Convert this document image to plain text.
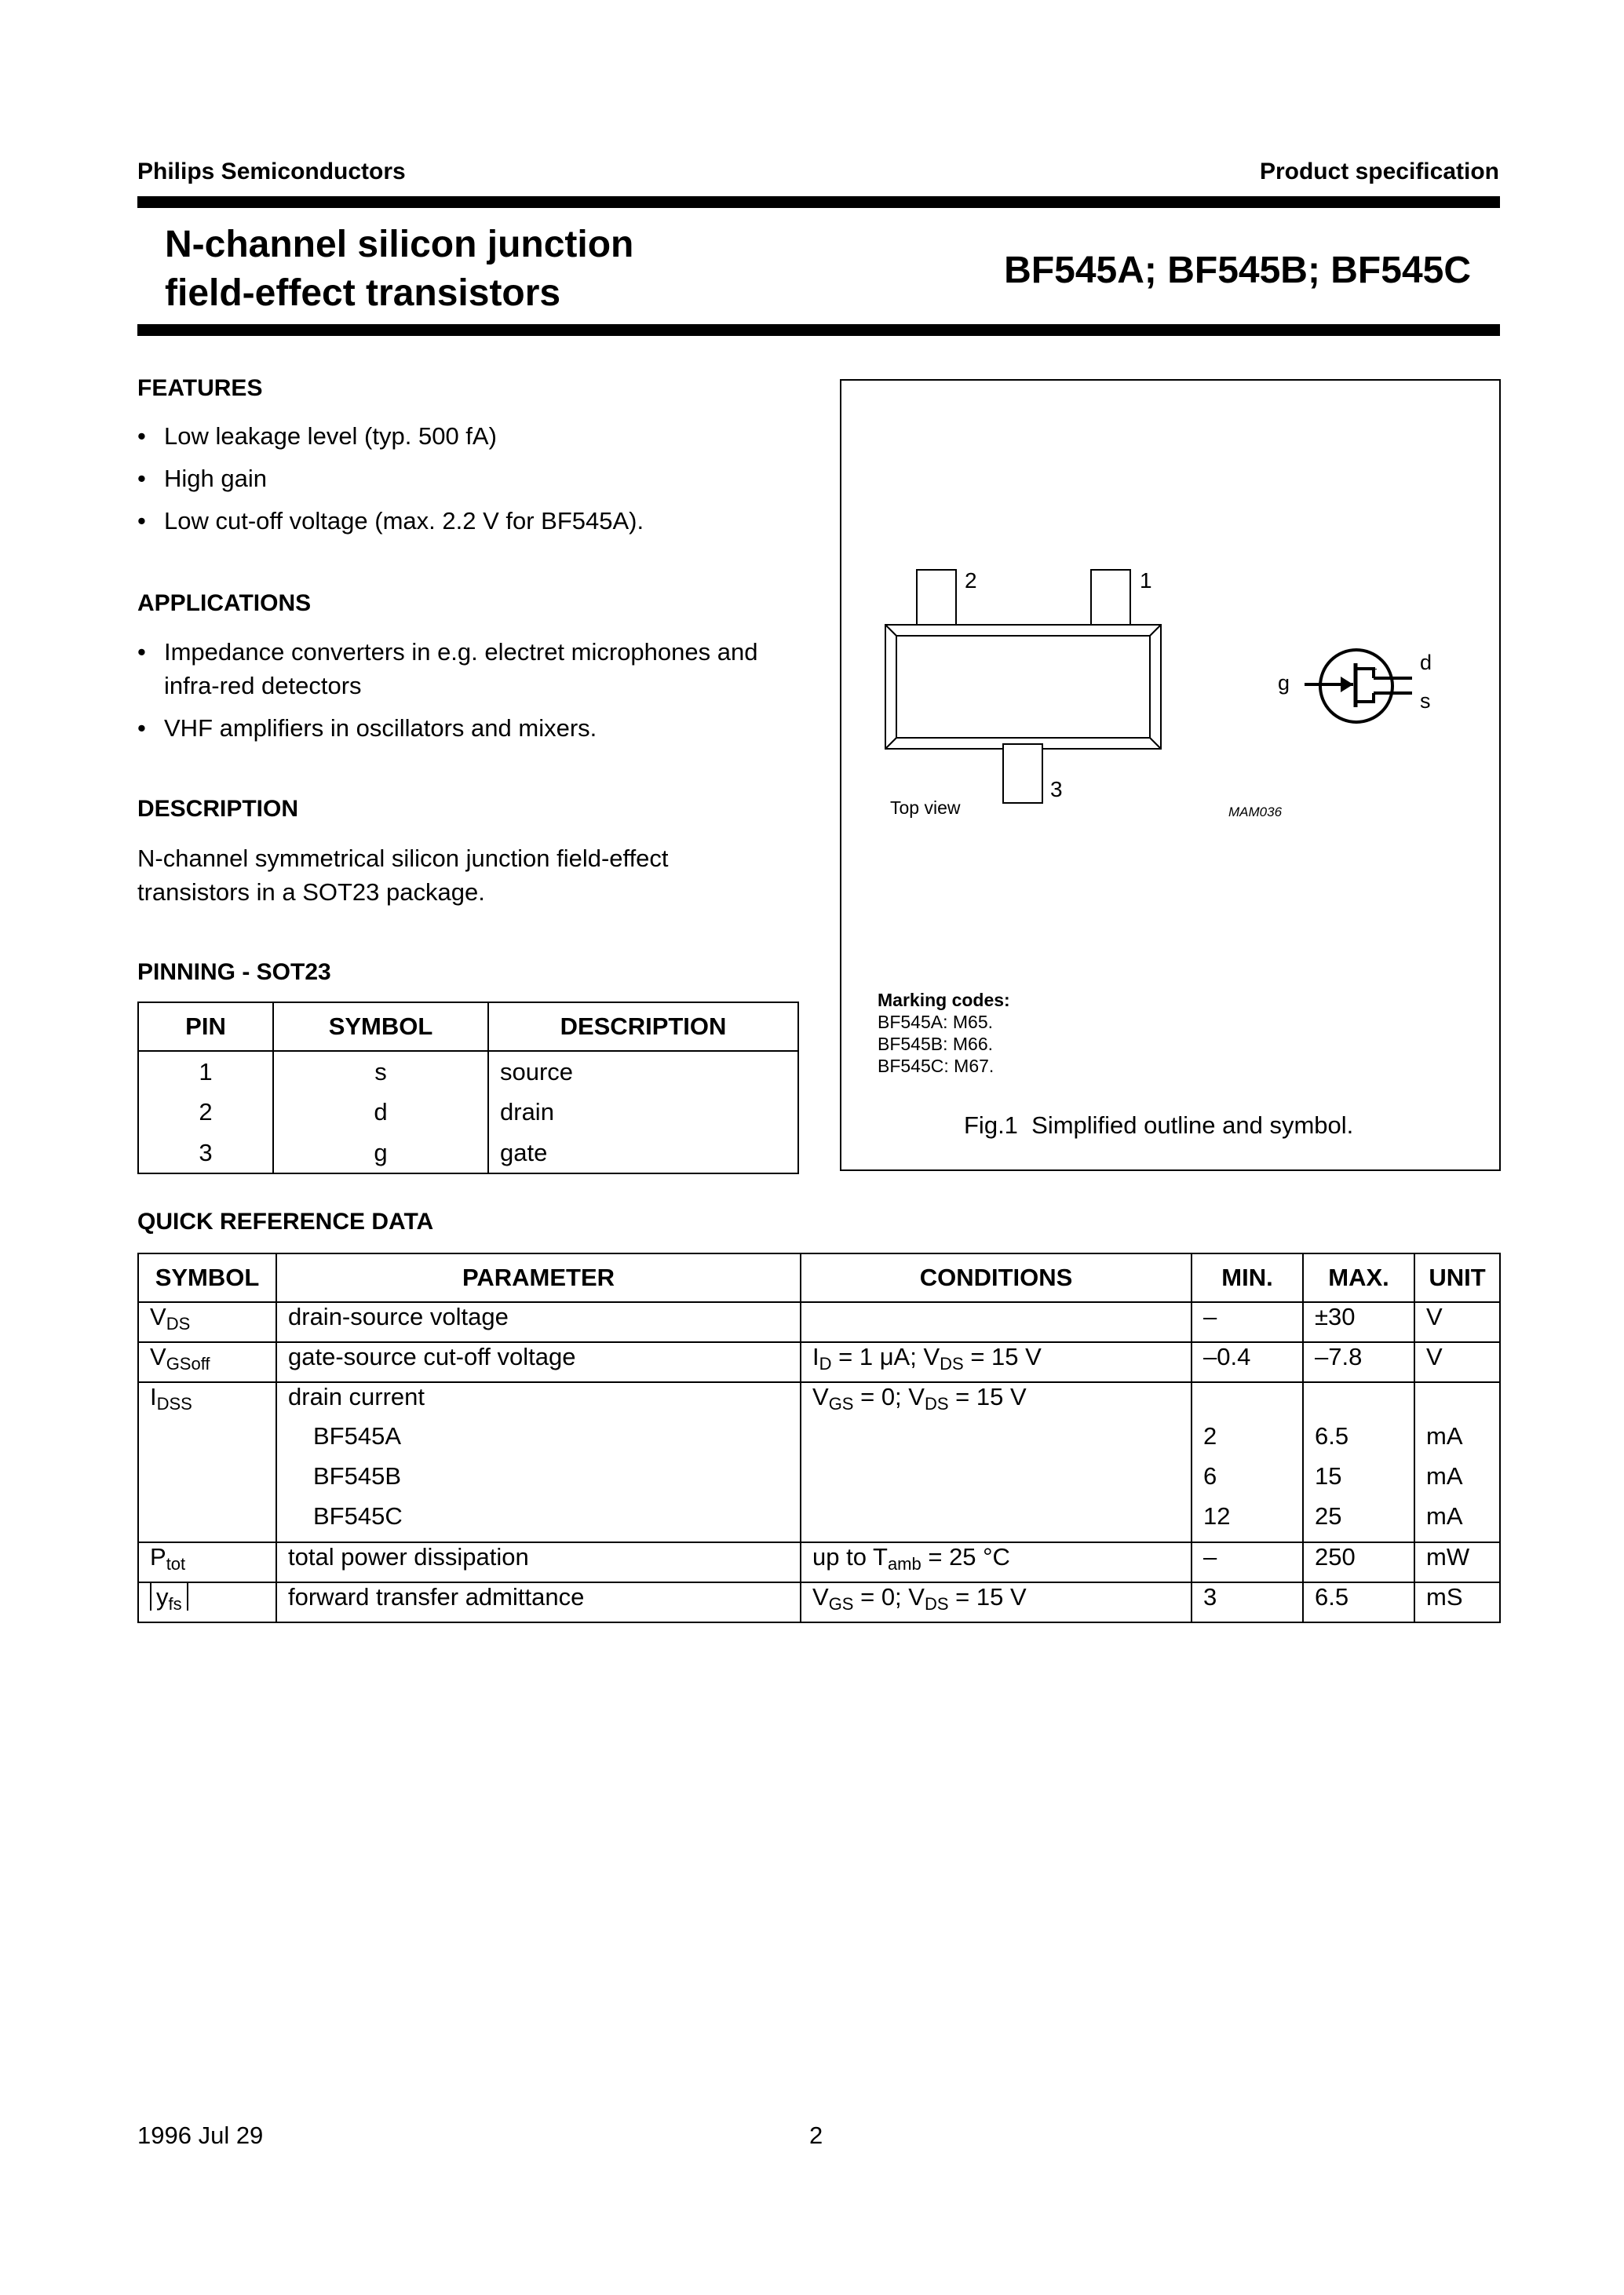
Philips Semiconductors	Product specification
N-channel silicon junction
field-effect transistors
BF545A; BF545B; BF545C
FEATURES
• Low leakage level (typ. 500 fA)
• High gain
• Low cut-off voltage (max. 2.2 V for BF545A).
APPLICATIONS
• Impedance converters in e.g. electret microphones and infra-red detectors
• VHF amplifiers in oscillators and mixers.
DESCRIPTION
N-channel symmetrical silicon junction field-effect transistors in a SOT23 package.
PINNING - SOT23
PIN	SYMBOL	DESCRIPTION
1	s	source
2	d	drain
3	g	gate
2	1
3
Top view
g
d
s
MAM036
Marking codes:
BF545A: M65.
BF545B: M66.
BF545C: M67.
Fig.1 Simplified outline and symbol.
QUICK REFERENCE DATA
SYMBOL	PARAMETER	CONDITIONS	MIN.	MAX.	UNIT
$V_{DS}$	drain-source voltage		–	±30	V
$V_{GSoff}$	gate-source cut-off voltage	$I_D = 1$ μA; $V_{DS} = 15$ V	–0.4	–7.8	V
$I_{DSS}$	drain current	$V_{GS} = 0$; $V_{DS} = 15$ V			
	BF545A		2	6.5	mA
	BF545B		6	15	mA
	BF545C		12	25	mA
$P_{tot}$	total power dissipation	up to $T_{amb} = 25$ °C	–	250	mW
$y_{fs}$	forward transfer admittance	$V_{GS} = 0$; $V_{DS} = 15$ V	3	6.5	mS
1996 Jul 29	2
